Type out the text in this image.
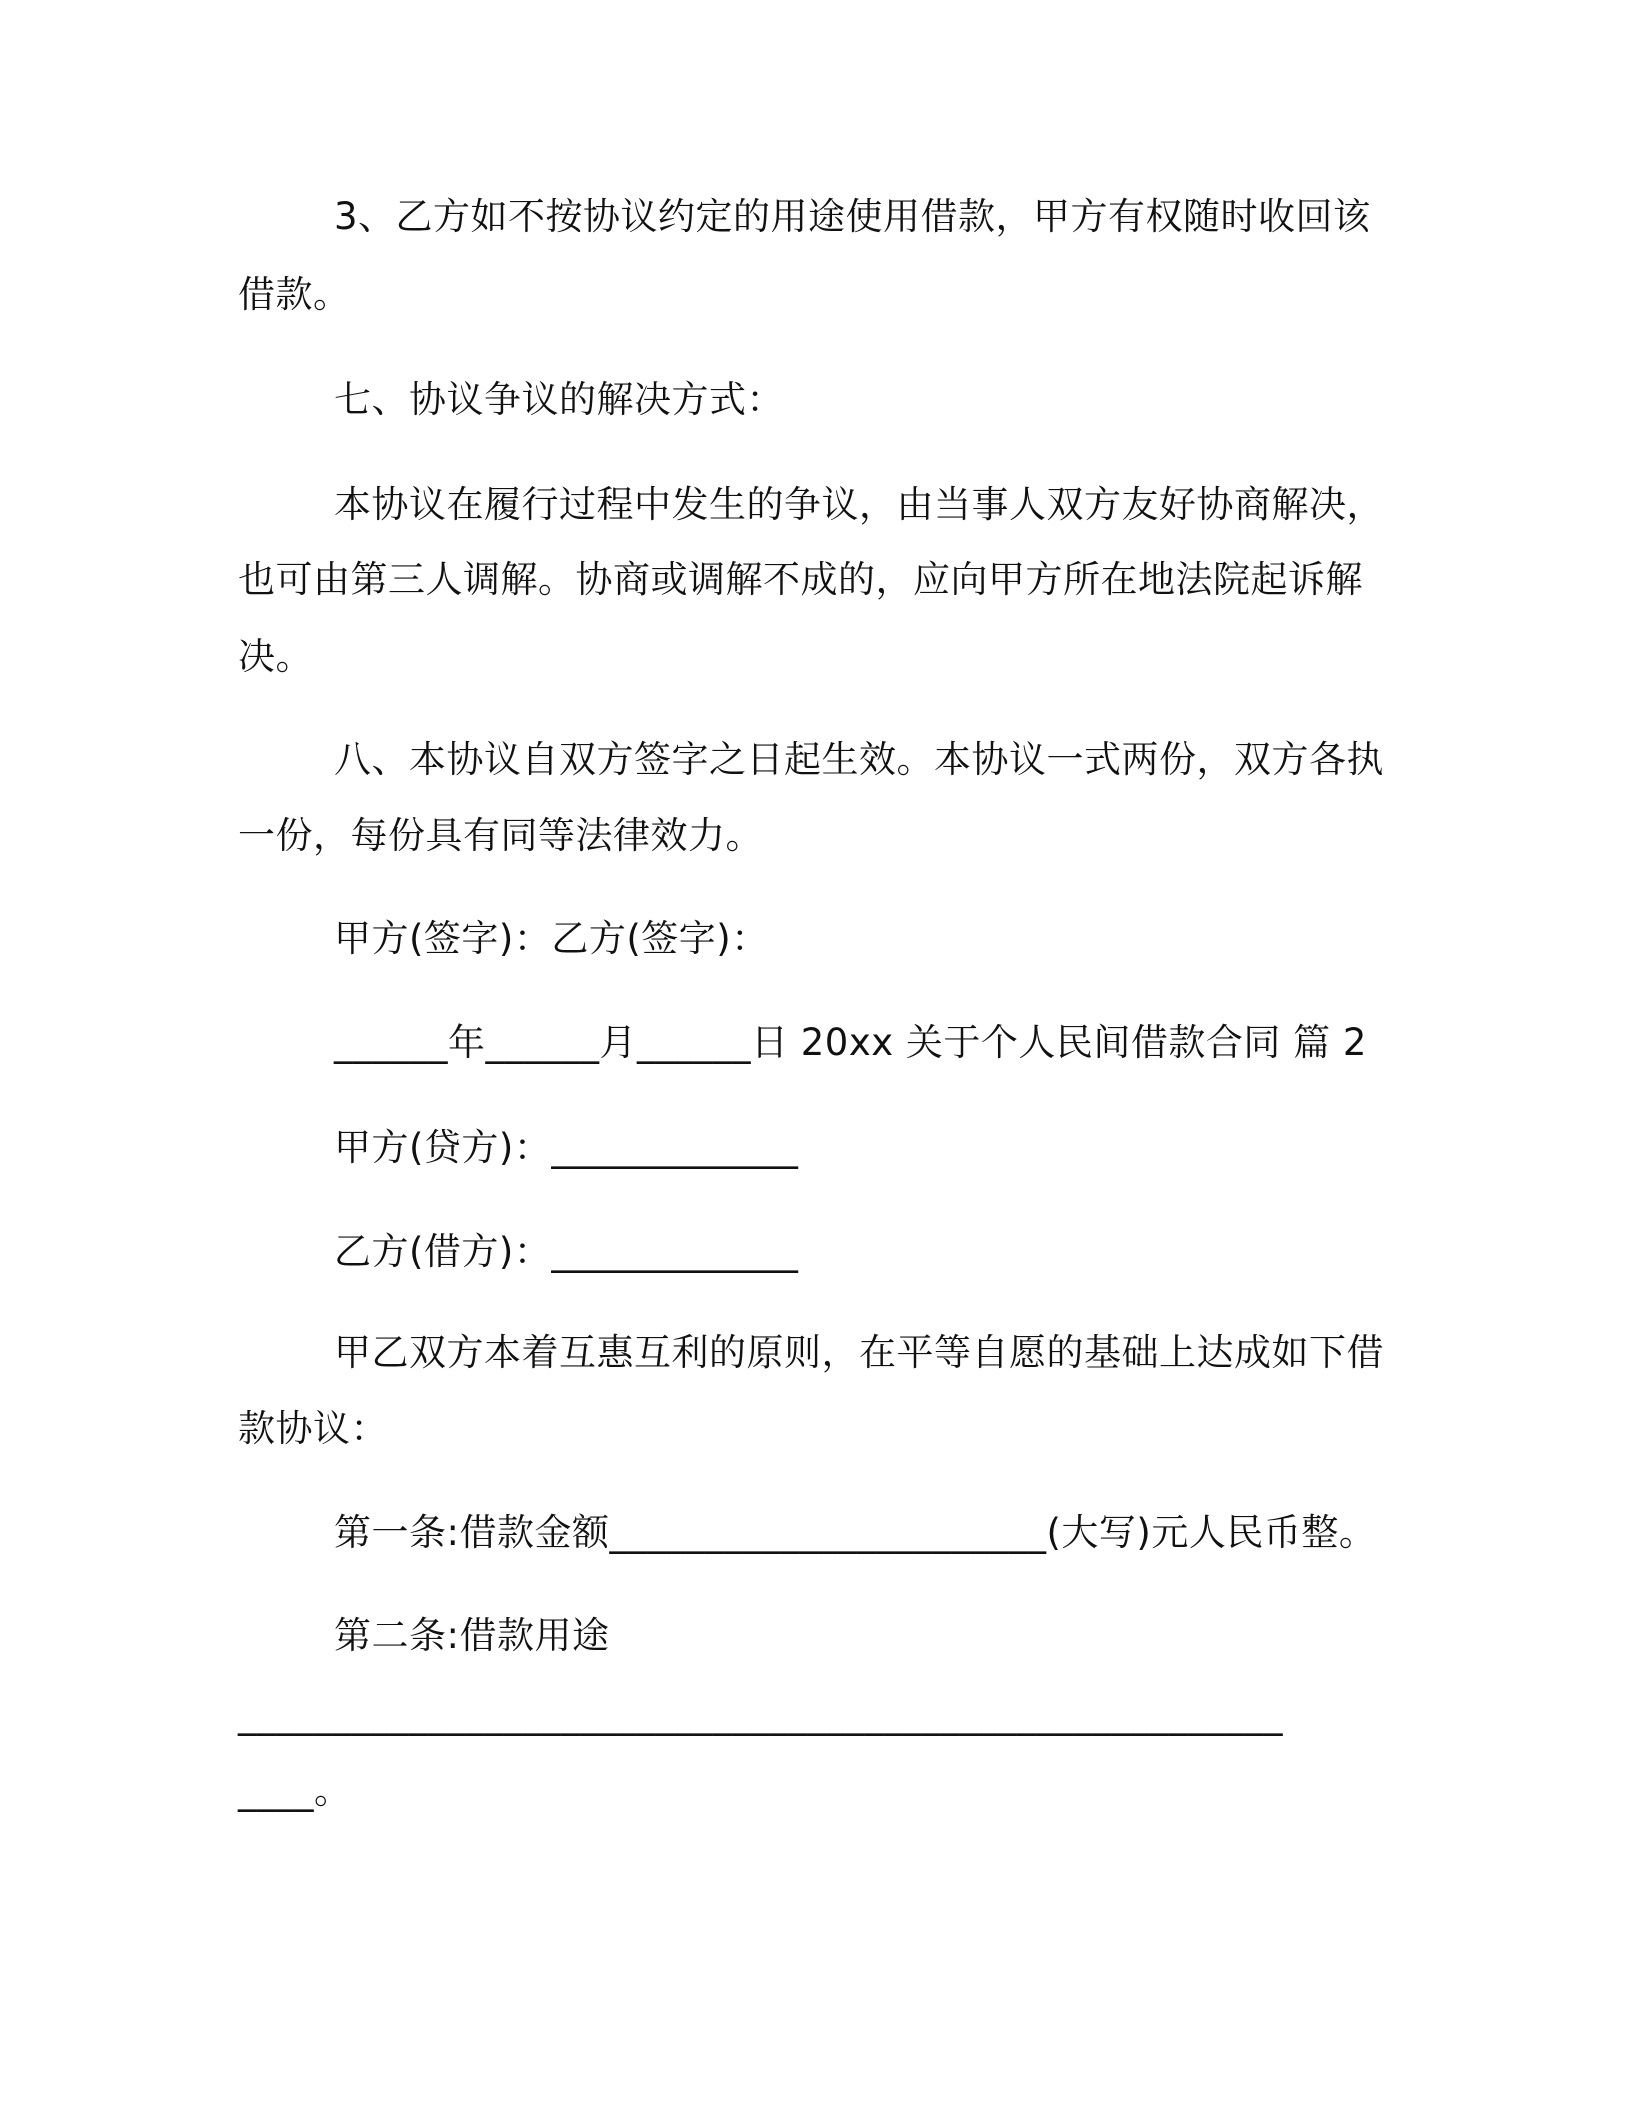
3、乙方如不按协议约定的用途使用借款，甲方有权随时收回该
借款。
七、协议争议的解决方式：
本协议在履行过程中发生的争议，由当事人双方友好协商解决，
也可由第三人调解。协商或调解不成的，应向甲方所在地法院起诉解
决。
八、本协议自双方签字之日起生效。本协议一式两份，双方各执
一份，每份具有同等法律效力。
甲方(签字)：乙方(签字)：
______年______月______日 20xx 关于个人民间借款合同 篇 2
甲方(贷方)：_____________
乙方(借方)：_____________
甲乙双方本着互惠互利的原则，在平等自愿的基础上达成如下借
款协议：
第一条:借款金额_______________________(大写)元人民币整。
第二条:借款用途
_______________________________________________________
____。
